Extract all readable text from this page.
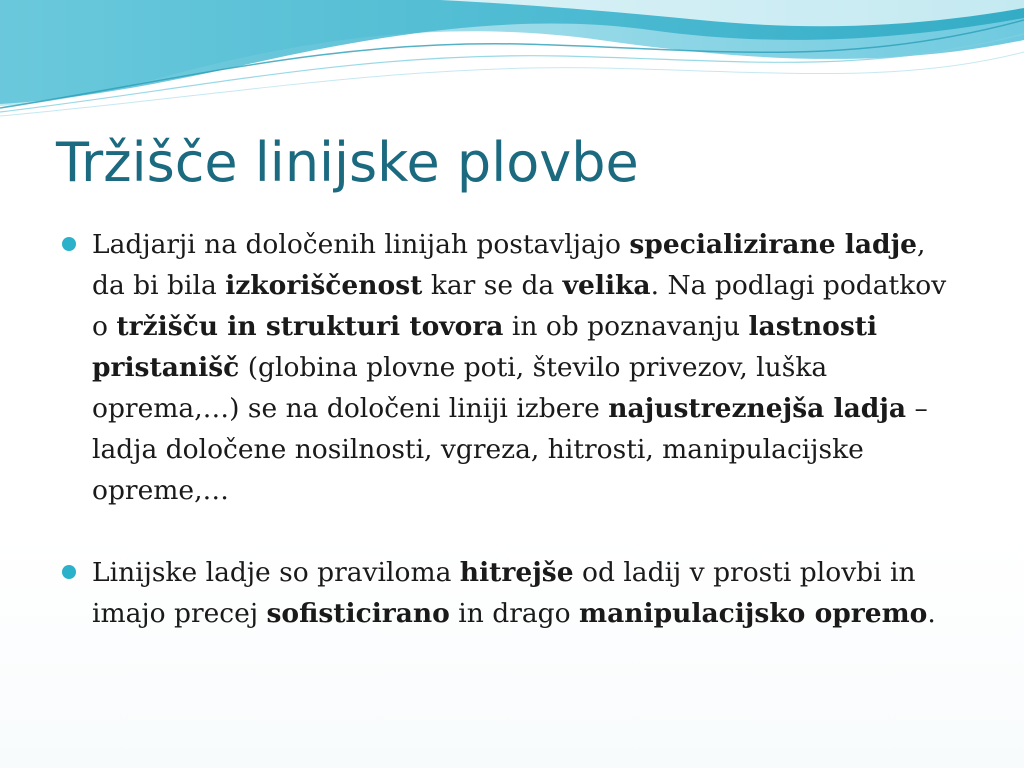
Tržišče linijske plovbe
Ladjarji na določenih linijah postavljajo specializirane ladje, da bi bila izkoriščenost kar se da velika. Na podlagi podatkov o tržišču in strukturi tovora in ob poznavanju lastnosti pristanišč (globina plovne poti, število privezov, luška oprema,…) se na določeni liniji izbere najustreznejša ladja – ladja določene nosilnosti, vgreza, hitrosti, manipulacijske opreme,…
Linijske ladje so praviloma hitrejše od ladij v prosti plovbi in imajo precej sofisticirano in drago manipulacijsko opremo.
